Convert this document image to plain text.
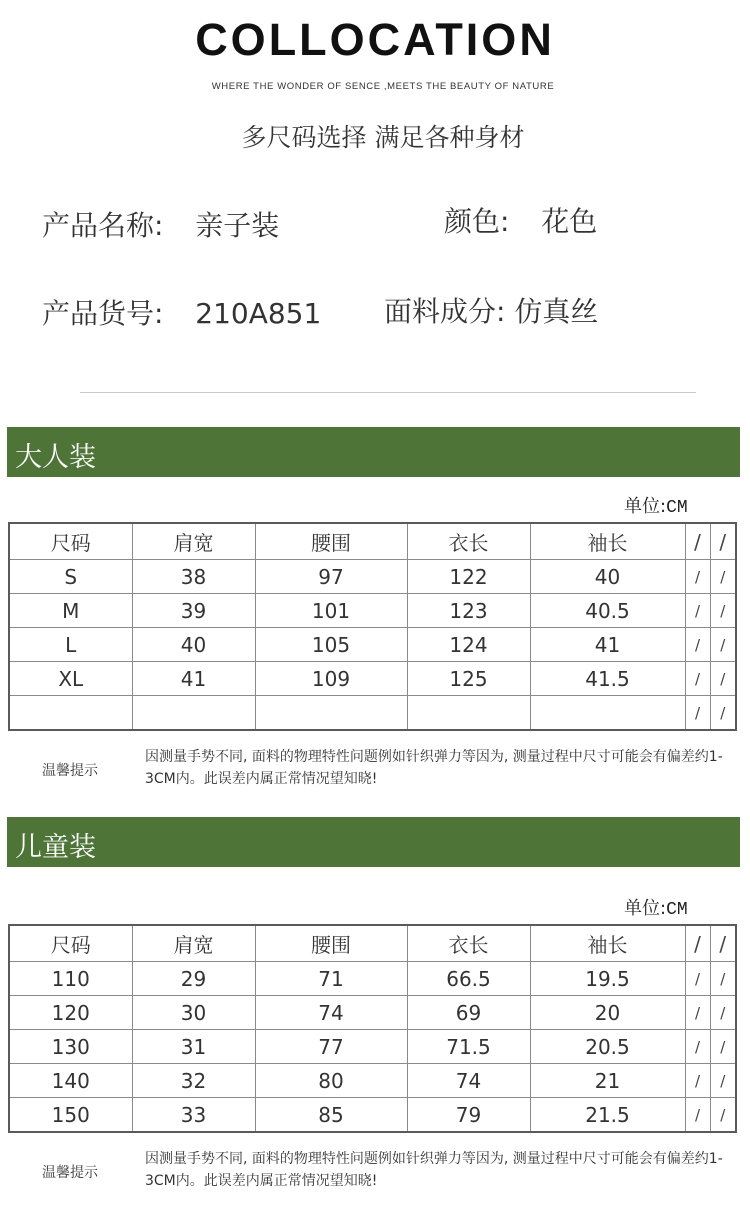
COLLOCATION
WHERE THE WONDER OF SENCE ,MEETS THE BEAUTY OF NATURE
多尺码选择 满足各种身材
产品名称: 亲子装	颜色: 花色
产品货号: 210A851 面料成分: 仿真丝
大人装
单位:CM
尺码	肩宽	腰围	衣长	袖长	/	/
S	38	97	122	40	/	/
M	39	101	123	40.5	/	/
L	40	105	124	41	/	/
XL	41	109	125	41.5	/	/
					/	/
温馨提示
因测量手势不同, 面料的物理特性问题例如针织弹力等因为, 测量过程中尺寸可能会有偏差约1-3CM内。此误差内属正常情况望知晓!
儿童装
单位:CM
尺码	肩宽	腰围	衣长	袖长	/	/
110	29	71	66.5	19.5	/	/
120	30	74	69	20	/	/
130	31	77	71.5	20.5	/	/
140	32	80	74	21	/	/
150	33	85	79	21.5	/	/
温馨提示
因测量手势不同, 面料的物理特性问题例如针织弹力等因为, 测量过程中尺寸可能会有偏差约1-3CM内。此误差内属正常情况望知晓!
